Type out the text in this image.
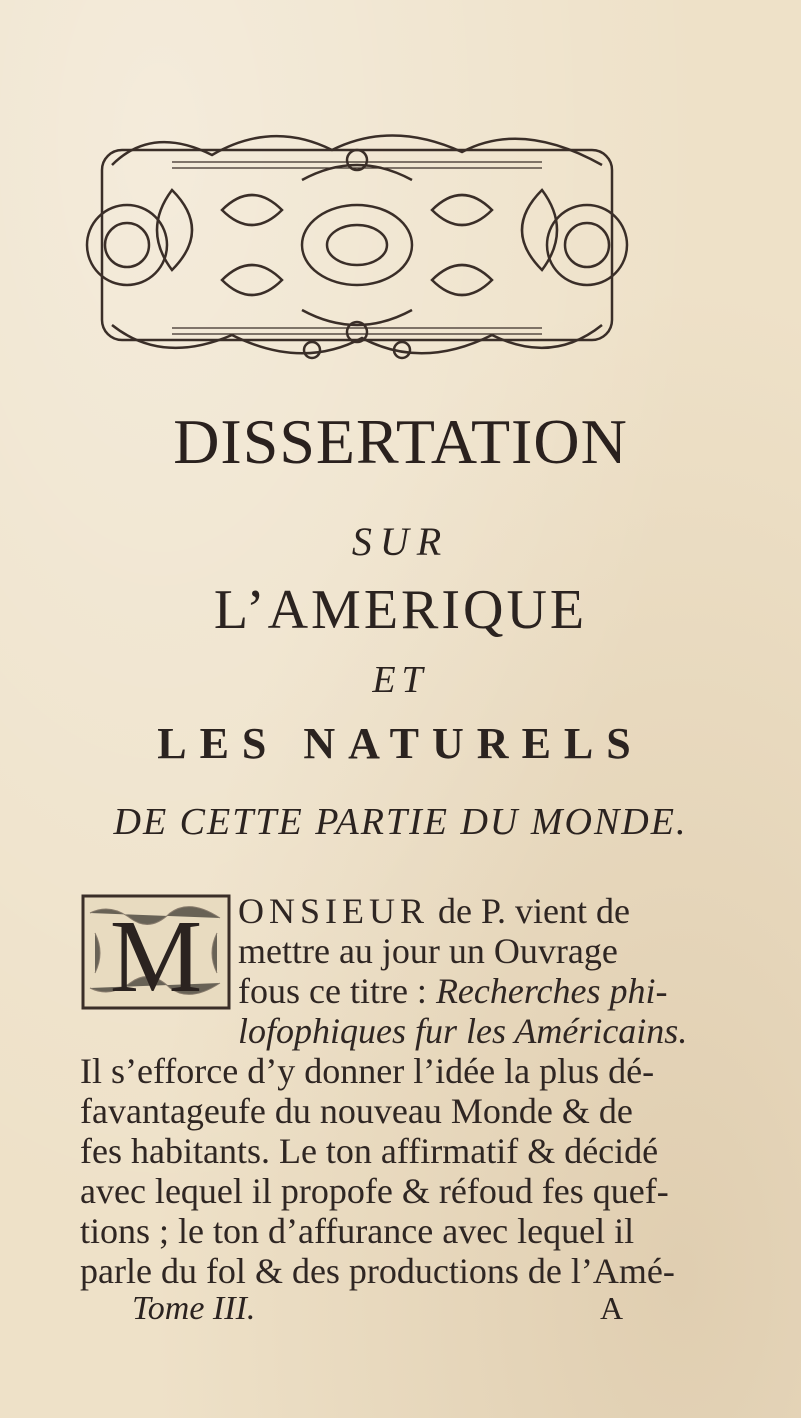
DISSERTATION
SUR
L’AMERIQUE
ET
LES NATURELS
DE CETTE PARTIE DU MONDE.
M ONSIEUR de P. vient de
mettre au jour un Ouvrage
fous ce titre : Recherches phi-
lofophiques fur les Américains.
Il s’efforce d’y donner l’idée la plus dé-
favantageufe du nouveau Monde & de
fes habitants. Le ton affirmatif & décidé
avec lequel il propofe & réfoud fes quef-
tions ; le ton d’affurance avec lequel il
parle du fol & des productions de l’Amé-
Tome III.	A
